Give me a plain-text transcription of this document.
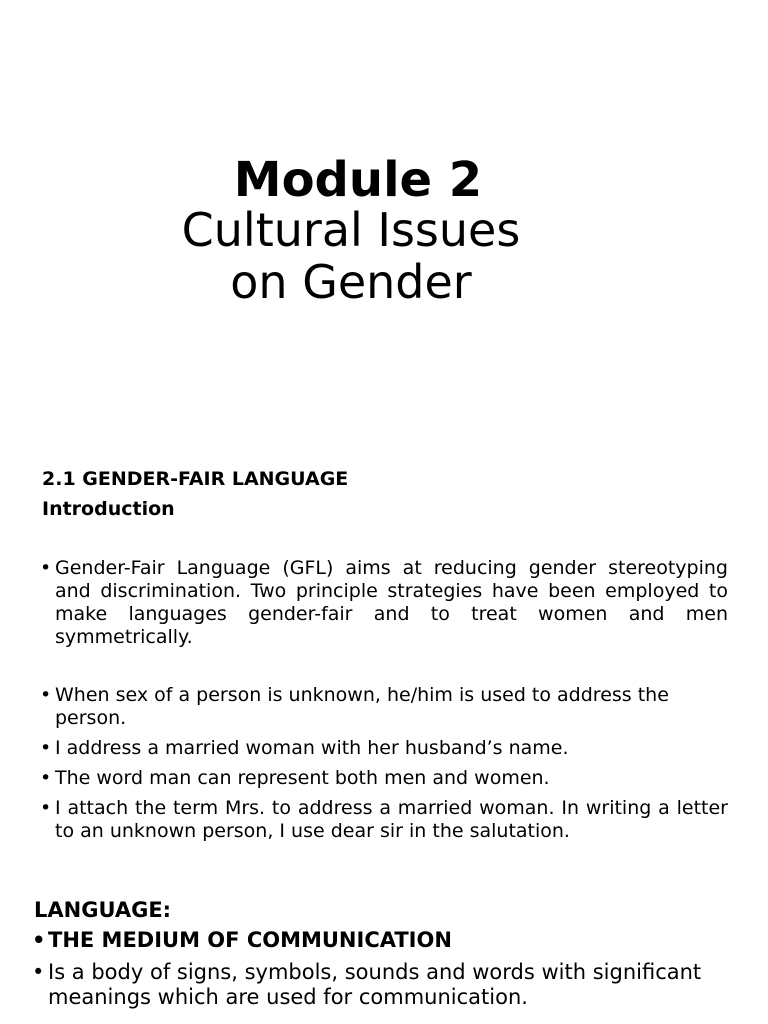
Module 2
Cultural Issues
on Gender
2.1 GENDER-FAIR LANGUAGE
Introduction
• Gender-Fair Language (GFL) aims at reducing gender stereotyping and discrimination. Two principle strategies have been employed to make languages gender-fair and to treat women and men symmetrically.
• When sex of a person is unknown, he/him is used to address the person.
• I address a married woman with her husband’s name.
• The word man can represent both men and women.
• I attach the term Mrs. to address a married woman. In writing a letter to an unknown person, I use dear sir in the salutation.
LANGUAGE:
• THE MEDIUM OF COMMUNICATION
• Is a body of signs, symbols, sounds and words with significant meanings which are used for communication.
